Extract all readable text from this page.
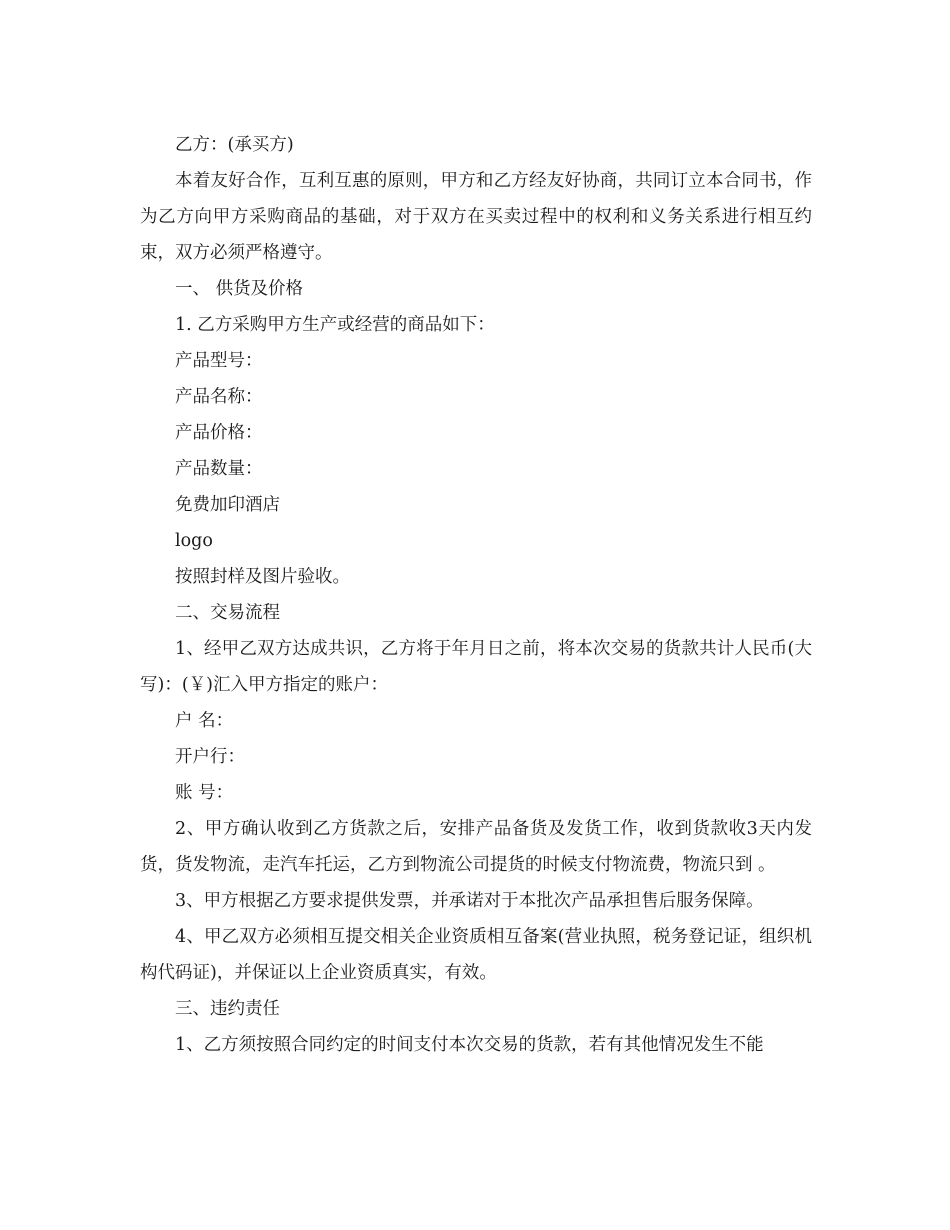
乙方：(承买方)

本着友好合作，互利互惠的原则，甲方和乙方经友好协商，共同订立本合同书，作为乙方向甲方采购商品的基础，对于双方在买卖过程中的权利和义务关系进行相互约束，双方必须严格遵守。

一、 供货及价格

1. 乙方采购甲方生产或经营的商品如下：

产品型号：

产品名称：

产品价格：

产品数量：

免费加印酒店

logo

按照封样及图片验收。

二、交易流程

1、经甲乙双方达成共识，乙方将于年月日之前，将本次交易的货款共计人民币(大写)：(￥)汇入甲方指定的账户：

户 名：

开户行：

账 号：

2、甲方确认收到乙方货款之后，安排产品备货及发货工作，收到货款收3天内发货，货发物流，走汽车托运，乙方到物流公司提货的时候支付物流费，物流只到 。

3、甲方根据乙方要求提供发票，并承诺对于本批次产品承担售后服务保障。

4、甲乙双方必须相互提交相关企业资质相互备案(营业执照，税务登记证，组织机构代码证)，并保证以上企业资质真实，有效。

三、违约责任

1、乙方须按照合同约定的时间支付本次交易的货款，若有其他情况发生不能
